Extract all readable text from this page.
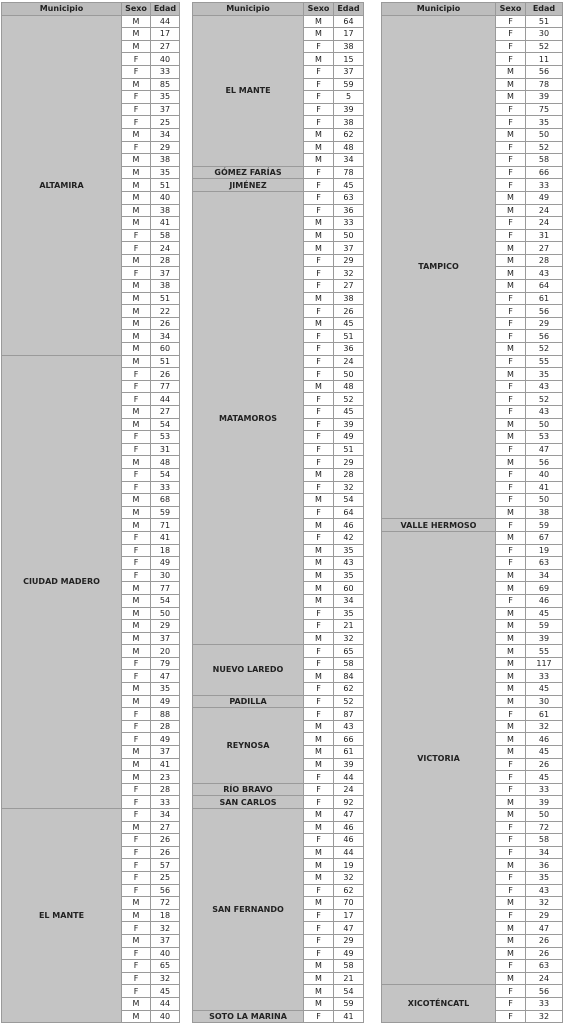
Municipio	Sexo	Edad
ALTAMIRA	M	44
	M	17
	M	27
	F	40
	F	33
	M	85
	F	35
	F	37
	F	25
	M	34
	F	29
	M	38
	M	35
	M	51
	M	40
	M	38
	M	41
	F	58
	F	24
	M	28
	F	37
	M	38
	M	51
	M	22
	M	26
	M	34
	M	60
CIUDAD MADERO	M	51
	F	26
	F	77
	F	44
	M	27
	M	54
	F	53
	F	31
	M	48
	F	54
	F	33
	M	68
	M	59
	M	71
	F	41
	F	18
	F	49
	F	30
	M	77
	M	54
	M	50
	M	29
	M	37
	M	20
	F	79
	F	47
	M	35
	M	49
	F	88
	F	28
	F	49
	M	37
	M	41
	M	23
	F	28
	F	33
EL MANTE	F	34
	M	27
	F	26
	F	26
	F	57
	F	25
	F	56
	M	72
	M	18
	F	32
	M	37
	F	40
	F	65
	F	32
	F	45
	M	44
	M	40
Municipio	Sexo	Edad
EL MANTE	M	64
	M	17
	F	38
	M	15
	F	37
	F	59
	F	5
	F	39
	F	38
	M	62
	M	48
	M	34
GÓMEZ FARÍAS	F	78
JIMÉNEZ	F	45
MATAMOROS	F	63
	F	36
	M	33
	M	50
	M	37
	F	29
	F	32
	F	27
	M	38
	F	26
	M	45
	F	51
	F	36
	F	24
	F	50
	M	48
	F	52
	F	45
	F	39
	F	49
	F	51
	F	29
	M	28
	F	32
	M	54
	F	64
	M	46
	F	42
	M	35
	M	43
	M	35
	M	60
	M	34
	F	35
	F	21
	M	32
NUEVO LAREDO	F	65
	F	58
	M	84
	F	62
PADILLA	F	52
REYNOSA	F	87
	M	43
	M	66
	M	61
	M	39
	F	44
RÍO BRAVO	F	24
SAN CARLOS	F	92
SAN FERNANDO	M	47
	M	46
	F	46
	M	44
	M	19
	M	32
	F	62
	M	70
	F	17
	F	47
	F	29
	F	49
	M	58
	M	21
	M	54
	M	59
SOTO LA MARINA	F	41
Municipio	Sexo	Edad
TAMPICO	F	51
	F	30
	F	52
	F	11
	M	56
	M	78
	M	39
	F	75
	F	35
	M	50
	F	52
	F	58
	F	66
	F	33
	M	49
	M	24
	F	24
	F	31
	M	27
	M	28
	M	43
	M	64
	F	61
	F	56
	F	29
	F	56
	M	52
	F	55
	M	35
	F	43
	F	52
	F	43
	M	50
	M	53
	F	47
	M	56
	F	40
	F	41
	F	50
	M	38
VALLE HERMOSO	F	59
VICTORIA	M	67
	F	19
	F	63
	M	34
	M	69
	F	46
	M	45
	M	59
	M	39
	M	55
	M	117
	M	33
	M	45
	M	30
	F	61
	M	32
	M	46
	M	45
	F	26
	F	45
	F	33
	M	39
	M	50
	F	72
	F	58
	F	34
	M	36
	F	35
	F	43
	M	32
	F	29
	M	47
	M	26
	M	26
	F	63
	M	24
XICOTÉNCATL	F	56
	F	33
	F	32
